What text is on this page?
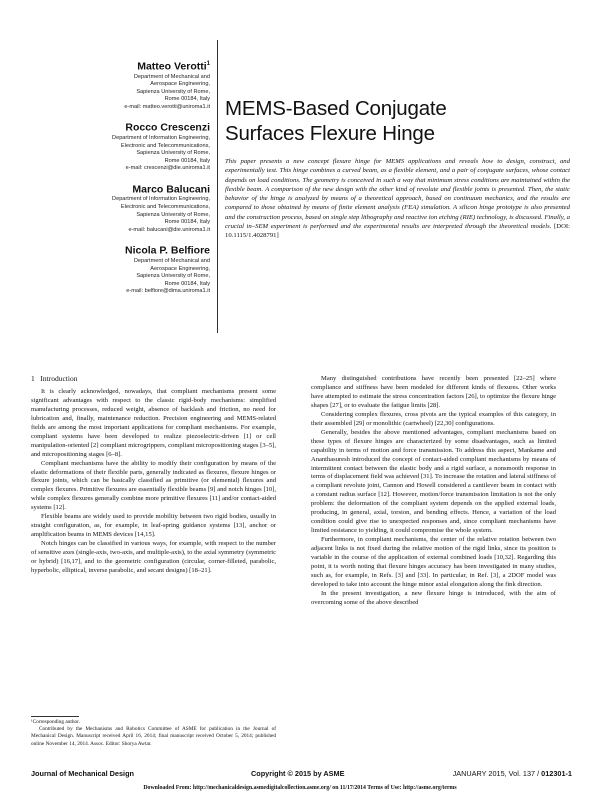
Matteo Verotti$^1$
Department of Mechanical and
Aerospace Engineering,
Sapienza University of Rome,
Rome 00184, Italy
e-mail: matteo.verotti@uniroma1.it
Rocco Crescenzi
Department of Information Engineering,
Electronic and Telecommunications,
Sapienza University of Rome,
Rome 00184, Italy
e-mail: crescenzi@die.uniroma1.it
Marco Balucani
Department of Information Engineering,
Electronic and Telecommunications,
Sapienza University of Rome,
Rome 00184, Italy
e-mail: balucani@die.uniroma1.it
Nicola P. Belfiore
Department of Mechanical and
Aerospace Engineering,
Sapienza University of Rome,
Rome 00184, Italy
e-mail: belfiore@dima.uniroma1.it
MEMS-Based Conjugate
Surfaces Flexure Hinge
This paper presents a new concept flexure hinge for MEMS applications and reveals how to design, construct, and experimentally test. This hinge combines a curved beam, as a flexible element, and a pair of conjugate surfaces, whose contact depends on load conditions. The geometry is conceived in such a way that minimum stress conditions are maintained within the flexible beam. A comparison of the new design with the other kind of revolute and flexible joints is presented. Then, the static behavior of the hinge is analyzed by means of a theoretical approach, based on continuum mechanics, and the results are compared to those obtained by means of finite element analysis (FEA) simulation. A silicon hinge prototype is also presented and the construction process, based on single step lithography and reactive ion etching (RIE) technology, is discussed. Finally, a crucial in–SEM experiment is performed and the experimental results are interpreted through the theoretical models. [DOI: 10.1115/1.4028791]
1 Introduction

It is clearly acknowledged, nowadays, that compliant mechanisms present some significant advantages with respect to the classic rigid-body mechanisms: simplified manufacturing processes, reduced weight, absence of backlash and friction, no need for lubrication and, finally, maintenance reduction. Precision engineering and MEMS-related fields are among the most important applications for compliant mechanisms. For example, compliant systems have been developed to realize piezoelectric-driven [1] or cell manipulation-oriented [2] compliant microgrippers, compliant micropositioning stages [3–5], and micropositioning stages [6–8].

Compliant mechanisms have the ability to modify their configuration by means of the elastic deformations of their flexible parts, generally indicated as flexures, flexure hinges or flexure joints, which can be basically classified as primitive (or elemental) flexures and complex flexures. Primitive flexures are essentially flexible beams [9] and notch hinges [10], while complex flexures generally combine more primitive flexures [11] and/or contact-aided systems [12].

Flexible beams are widely used to provide mobility between two rigid bodies, usually in straight configuration, as, for example, in leaf-spring guidance systems [13], anchor or amplification beams in MEMS devices [14,15].

Notch hinges can be classified in various ways, for example, with respect to the number of sensitive axes (single-axis, two-axis, and multiple-axis), to the axial symmetry (symmetric or hybrid) [16,17], and to the geometric configuration (circular, corner-filleted, parabolic, hyperbolic, elliptical, inverse parabolic, and secant designs) [18–21].

Many distinguished contributions have recently been presented [22–25] where compliance and stiffness have been modeled for different kinds of flexures. Other works have attempted to estimate the stress concentration factors [26], to optimize the flexure hinge shapes [27], or to evaluate the fatigue limits [28].

Considering complex flexures, cross pivots are the typical examples of this category, in their assembled [29] or monolithic (cartwheel) [22,30] configurations.

Generally, besides the above mentioned advantages, compliant mechanisms based on these types of flexure hinges are characterized by some disadvantages, such as limited capability in terms of motion and force transmission. To address this aspect, Mankame and Ananthasuresh introduced the concept of contact-aided compliant mechanisms by means of intermittent contact between the elastic body and a rigid surface, a nonsmooth response in terms of displacement field was achieved [31]. To increase the rotation and lateral stiffness of a compliant revolute joint, Cannon and Howell considered a cantilever beam in contact with a constant radius surface [12]. However, motion/force transmission limitation is not the only problem: the deformation of the compliant system depends on the applied external loads, producing, in general, axial, torsion, and bending effects. Hence, a variation of the load condition could give rise to unexpected responses and, since compliant mechanisms have limited resistance to yielding, it could compromise the whole system.

Furthermore, in compliant mechanisms, the center of the relative rotation between two adjacent links is not fixed during the relative motion of the rigid links, since its position is variable in the course of the application of external combined loads [10,32]. Regarding this point, it is worth noting that flexure hinges accuracy has been investigated in many studies, such as, for example, in Refs. [3] and [33]. In particular, in Ref. [3], a 2DOF model was developed to take into account the hinge minor axial elongation along the fink direction.

In the present investigation, a new flexure hinge is introduced, with the aim of overcoming some of the above described

¹Corresponding author.
Contributed by the Mechanisms and Robotics Committee of ASME for publication in the Journal of Mechanical Design. Manuscript received April 16, 2014; final manuscript received October 5, 2014; published online November 14, 2014. Assoc. Editor: Shorya Awtar.
Journal of Mechanical Design	Copyright © 2015 by ASME	JANUARY 2015, Vol. 137 / 012301-1
Downloaded From: http://mechanicaldesign.asmedigitalcollection.asme.org/ on 11/17/2014 Terms of Use: http://asme.org/terms
